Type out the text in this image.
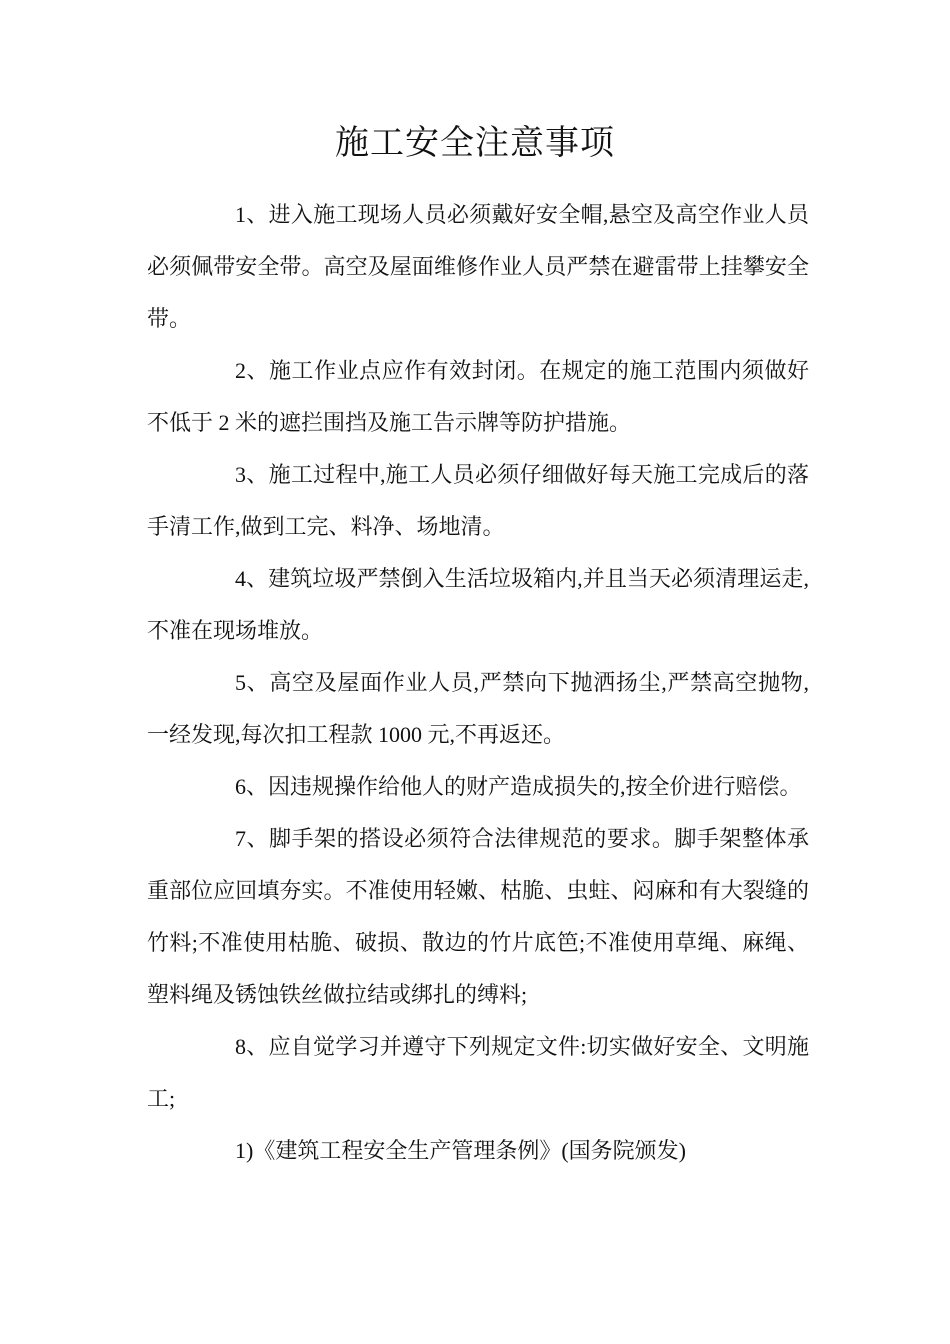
施工安全注意事项

1、进入施工现场人员必须戴好安全帽,悬空及高空作业人员必须佩带安全带。高空及屋面维修作业人员严禁在避雷带上挂攀安全带。

2、施工作业点应作有效封闭。在规定的施工范围内须做好不低于 2 米的遮拦围挡及施工告示牌等防护措施。

3、施工过程中,施工人员必须仔细做好每天施工完成后的落手清工作,做到工完、料净、场地清。

4、建筑垃圾严禁倒入生活垃圾箱内,并且当天必须清理运走,不准在现场堆放。

5、高空及屋面作业人员,严禁向下抛洒扬尘,严禁高空抛物,一经发现,每次扣工程款 1000 元,不再返还。

6、因违规操作给他人的财产造成损失的,按全价进行赔偿。

7、脚手架的搭设必须符合法律规范的要求。脚手架整体承重部位应回填夯实。不准使用轻嫩、枯脆、虫蛀、闷麻和有大裂缝的竹料;不准使用枯脆、破损、散边的竹片底笆;不准使用草绳、麻绳、塑料绳及锈蚀铁丝做拉结或绑扎的缚料;

8、应自觉学习并遵守下列规定文件:切实做好安全、文明施工;

1)《建筑工程安全生产管理条例》(国务院颁发)
